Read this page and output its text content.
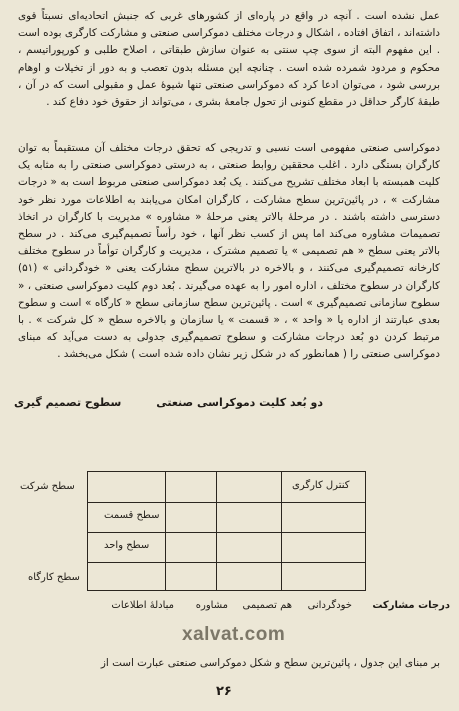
عمل نشده است . آنچه در واقع در پاره‌ای از کشورهای غربی که جنبش اتحادیه‌ای نسبتاً قوی داشته‌اند ، اتفاق افتاده ، اشکال و درجات مختلف دموکراسی صنعتی و مشارکت کارگری بوده است . این مفهوم البته از سوی چپ سنتی به عنوان سازش طبقاتی ، اصلاح طلبی و کورپوراتیسم ، محکوم و مردود شمرده شده است . چنانچه این مسئله بدون تعصب و به دور از تخیلات و اوهام بررسی شود ، می‌توان ادعا کرد که دموکراسی صنعتی تنها شیوهٔ عمل و مقبولی است که در آن ، طبقهٔ کارگر حداقل در مقطع کنونی از تحول جامعهٔ بشری ، می‌تواند از حقوق خود دفاع کند .
دموکراسی صنعتی مفهومی است نسبی و تدریجی که تحقق درجات مختلف آن مستقیماً به توان کارگران بستگی دارد . اغلب محققین روابط صنعتی ، به درستی دموکراسی صنعتی را به مثابه یک کلیت همبسته با ابعاد مختلف تشریح می‌کنند . یک بُعد دموکراسی صنعتی مربوط است به « درجات مشارکت » ، در پائین‌ترین سطح مشارکت ، کارگران امکان می‌یابند به اطلاعات مورد نظر خود دسترسی داشته باشند . در مرحلهٔ بالاتر یعنی مرحلهٔ « مشاوره » مدیریت با کارگران در اتخاذ تصمیمات مشاوره می‌کند اما پس از کسب نظر آنها ، خود رأساً تصمیم‌گیری می‌کند . در سطح بالاتر یعنی سطح « هم تصمیمی » یا تصمیم مشترک ، مدیریت و کارگران توأماً در سطوح مختلف کارخانه تصمیم‌گیری می‌کنند ، و بالاخره در بالاترین سطح مشارکت یعنی « خودگردانی » (۵۱) کارگران در سطوح مختلف ، اداره امور را به عهده می‌گیرند . بُعد دوم کلیت دموکراسی صنعتی ، « سطوح سازمانی تصمیم‌گیری » است . پائین‌ترین سطح سازمانی سطح « کارگاه » است و سطوح بعدی عبارتند از اداره یا « واحد » ، « قسمت » یا سازمان و بالاخره سطح « کل شرکت » . با مرتبط کردن دو بُعد درجات مشارکت و سطوح تصمیم‌گیری جدولی به دست می‌آید که مبنای دموکراسی صنعتی را ( همانطور که در شکل زیر نشان داده شده است ) شکل می‌بخشد .
دو بُعد کلیت دموکراسی صنعتی
سطوح تصمیم گیری
کنترل کارگری
سطح شرکت
سطح قسمت
سطح واحد
سطح کارگاه
درجات مشارکت
خودگردانی
هم تصمیمی
مشاوره
مبادلهٔ اطلاعات
xalvat.com
بر مبنای این جدول ، پائین‌ترین سطح و شکل دموکراسی صنعتی عبارت است از
۲۶
